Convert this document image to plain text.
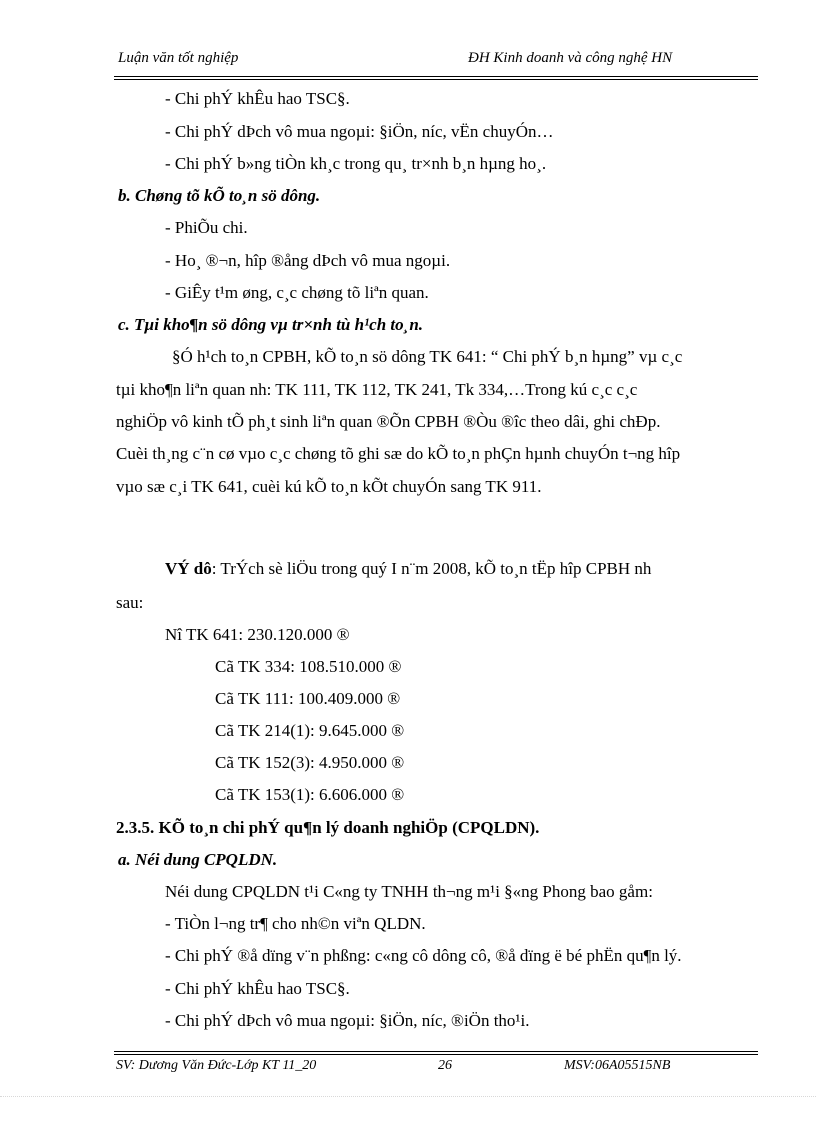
Luận văn tốt nghiệp	ĐH Kinh doanh và công nghệ HN
- Chi phÝ khÊu hao TSC§.
- Chi phÝ dÞch vô mua ngoµi: §iÖn, níc, vËn chuyÓn…
- Chi phÝ b»ng tiÒn kh¸c trong qu¸ tr×nh b¸n hµng ho¸.
b. Chøng tõ kÕ to¸n sö dông.
- PhiÕu chi.
- Ho¸ ®¬n, hîp ®ång dÞch vô mua ngoµi.
- GiÊy t¹m øng, c¸c chøng tõ liªn quan.
c. Tµi kho¶n sö dông vµ tr×nh tù h¹ch to¸n.
§Ó h¹ch to¸n CPBH, kÕ to¸n sö dông TK 641: “ Chi phÝ b¸n hµng” vµ c¸c
tµi kho¶n liªn quan nh: TK 111, TK 112, TK 241, Tk 334,…Trong kú c¸c c¸c
nghiÖp vô kinh tÕ ph¸t sinh liªn quan ®Õn CPBH ®Òu ®îc theo dâi, ghi chÐp.
Cuèi th¸ng c¨n cø vµo c¸c chøng tõ ghi sæ do kÕ to¸n phÇn hµnh chuyÓn t¬ng hîp
vµo sæ c¸i TK 641, cuèi kú kÕ to¸n kÕt chuyÓn sang TK 911.
VÝ dô: TrÝch sè liÖu trong quý I n¨m 2008, kÕ to¸n tËp hîp CPBH nh
sau:
Nî TK 641: 230.120.000 ®
Cã TK 334: 108.510.000 ®
Cã TK 111: 100.409.000 ®
Cã TK 214(1): 9.645.000 ®
Cã TK 152(3): 4.950.000 ®
Cã TK 153(1): 6.606.000 ®
2.3.5. KÕ to¸n chi phÝ qu¶n lý doanh nghiÖp (CPQLDN).
a. Néi dung CPQLDN.
Néi dung CPQLDN t¹i C«ng ty TNHH th¬ng m¹i §«ng Phong bao gåm:
- TiÒn l¬ng tr¶ cho nh©n viªn QLDN.
- Chi phÝ ®å dïng v¨n phßng: c«ng cô dông cô, ®å dïng ë bé phËn qu¶n lý.
- Chi phÝ khÊu hao TSC§.
- Chi phÝ dÞch vô mua ngoµi: §iÖn, níc, ®iÖn tho¹i.
SV: Dương Văn Đức-Lớp KT 11_20	26	MSV:06A05515NB
